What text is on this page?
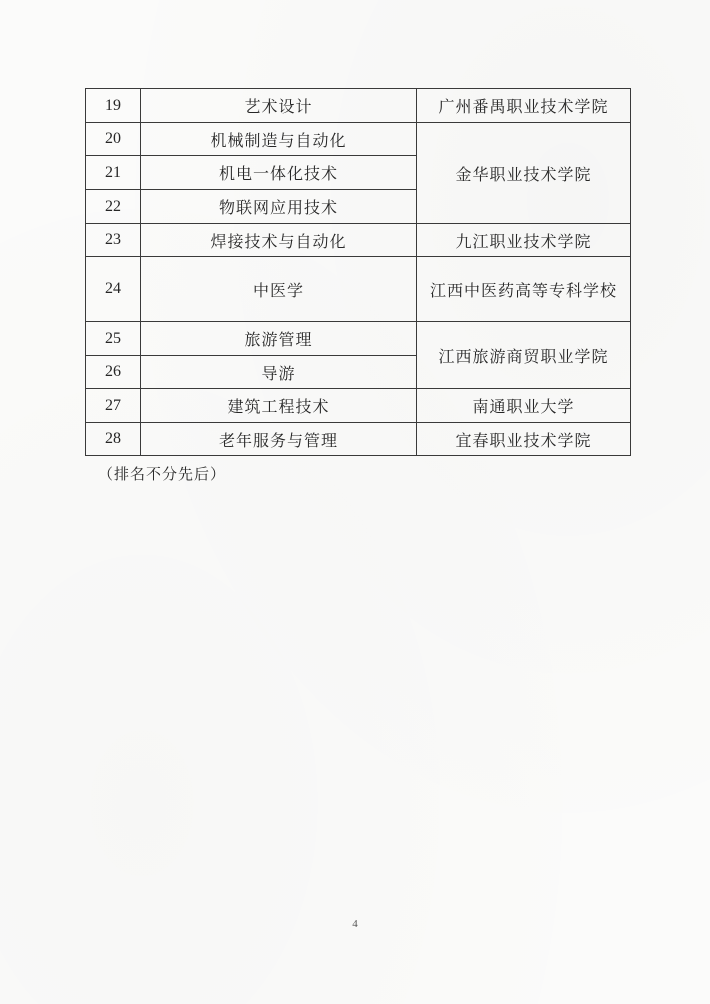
19	艺术设计	广州番禺职业技术学院
20	机械制造与自动化	金华职业技术学院
21	机电一体化技术	
22	物联网应用技术	
23	焊接技术与自动化	九江职业技术学院
24	中医学	江西中医药高等专科学校
25	旅游管理	江西旅游商贸职业学院
26	导游	
27	建筑工程技术	南通职业大学
28	老年服务与管理	宜春职业技术学院
（排名不分先后）
4
